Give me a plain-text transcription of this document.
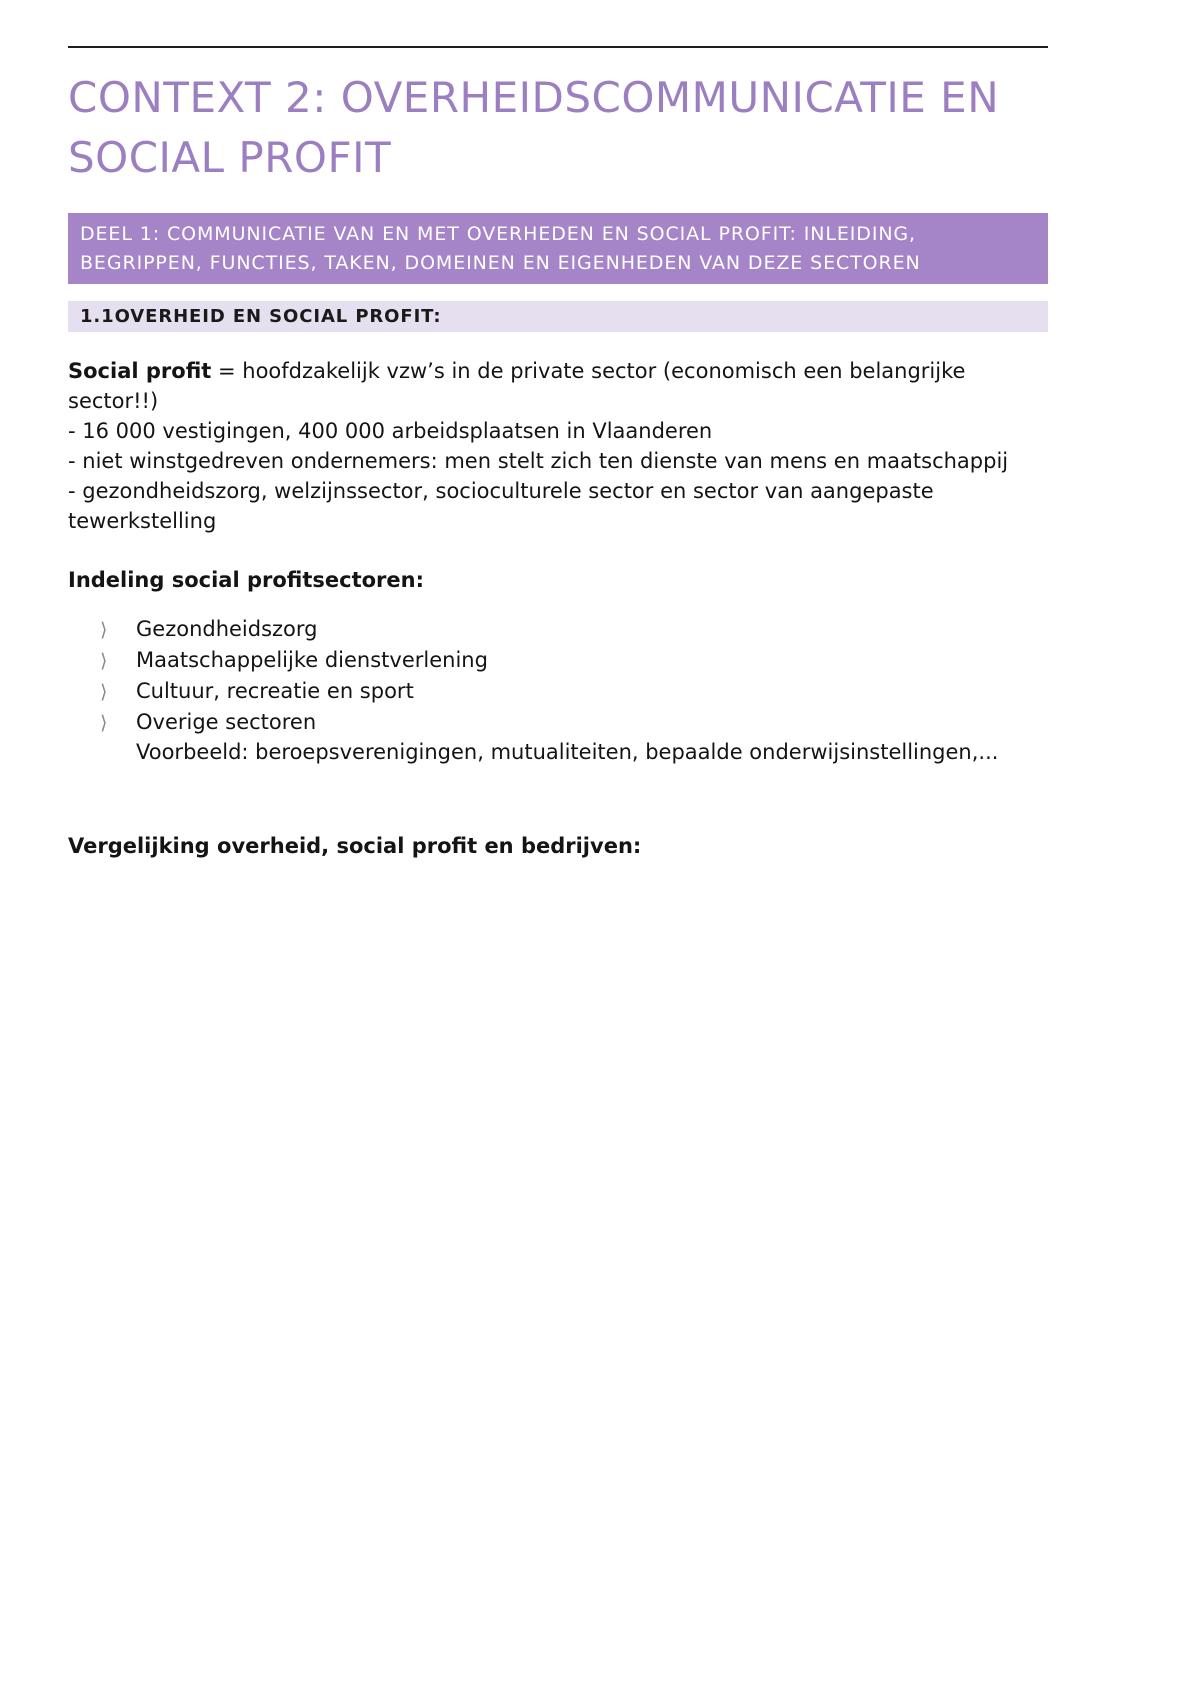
CONTEXT 2: OVERHEIDSCOMMUNICATIE EN SOCIAL PROFIT
DEEL 1: COMMUNICATIE VAN EN MET OVERHEDEN EN SOCIAL PROFIT: INLEIDING, BEGRIPPEN, FUNCTIES, TAKEN, DOMEINEN EN EIGENHEDEN VAN DEZE SECTOREN
1.1OVERHEID EN SOCIAL PROFIT:

Social profit = hoofdzakelijk vzw’s in de private sector (economisch een belangrijke sector!!)

- 16 000 vestigingen, 400 000 arbeidsplaatsen in Vlaanderen

- niet winstgedreven ondernemers: men stelt zich ten dienste van mens en maatschappij

- gezondheidszorg, welzijnssector, socioculturele sector en sector van aangepaste tewerkstelling

Indeling social profitsectoren:
⟩	Gezondheidszorg
⟩	Maatschappelijke dienstverlening
⟩	Cultuur, recreatie en sport
⟩	Overige sectoren

Voorbeeld: beroepsverenigingen, mutualiteiten, bepaalde onderwijsinstellingen,...

Vergelijking overheid, social profit en bedrijven:
